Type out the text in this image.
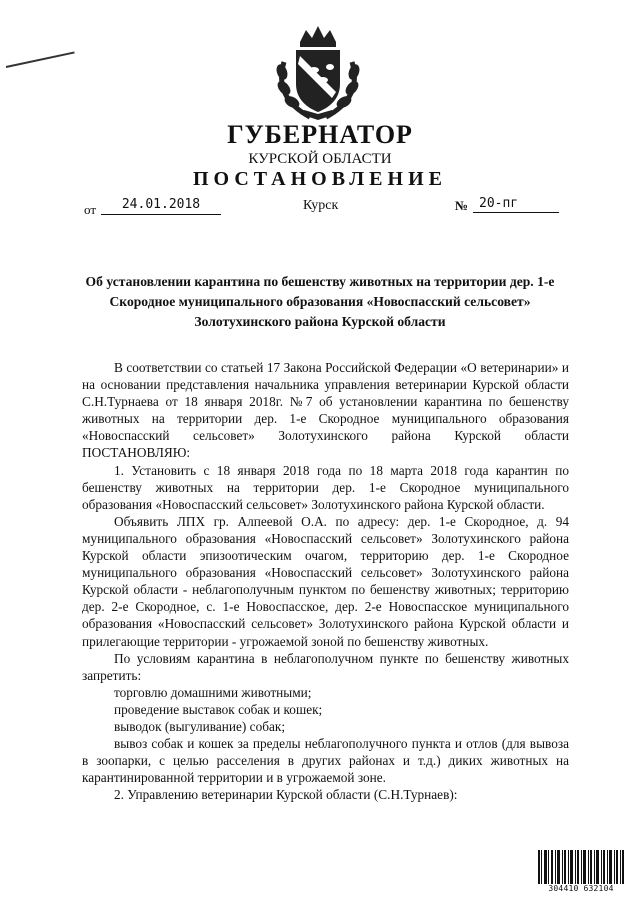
ГУБЕРНАТОР
КУРСКОЙ ОБЛАСТИ
ПОСТАНОВЛЕНИЕ
от	24.01.2018	Курск	№ 20-пг
Об установлении карантина по бешенству животных на территории дер. 1-е Скородное муниципального образования «Новоспасский сельсовет» Золотухинского района Курской области

В соответствии со статьей 17 Закона Российской Федерации «О ветеринарии» и на основании представления начальника управления ветеринарии Курской области С.Н.Турнаева от 18 января 2018г. №7 об установлении карантина по бешенству животных на территории дер. 1-е Скородное муниципального образования «Новоспасский сельсовет» Золотухинского района Курской области ПОСТАНОВЛЯЮ:

1. Установить с 18 января 2018 года по 18 марта 2018 года карантин по бешенству животных на территории дер. 1-е Скородное муниципального образования «Новоспасский сельсовет» Золотухинского района Курской области.

Объявить ЛПХ гр. Алпеевой О.А. по адресу: дер. 1-е Скородное, д. 94 муниципального образования «Новоспасский сельсовет» Золотухинского района Курской области эпизоотическим очагом, территорию дер. 1-е Скородное муниципального образования «Новоспасский сельсовет» Золотухинского района Курской области - неблагополучным пунктом по бешенству животных; территорию дер. 2-е Скородное, с. 1-е Новоспасское, дер. 2-е Новоспасское муниципального образования «Новоспасский сельсовет» Золотухинского района Курской области и прилегающие территории - угрожаемой зоной по бешенству животных.

По условиям карантина в неблагополучном пункте по бешенству животных запретить:

торговлю домашними животными;

проведение выставок собак и кошек;

выводок (выгуливание) собак;

вывоз собак и кошек за пределы неблагополучного пункта и отлов (для вывоза в зоопарки, с целью расселения в других районах и т.д.) диких животных на карантинированной территории и в угрожаемой зоне.

2. Управлению ветеринарии Курской области (С.Н.Турнаев):

304410 632104
